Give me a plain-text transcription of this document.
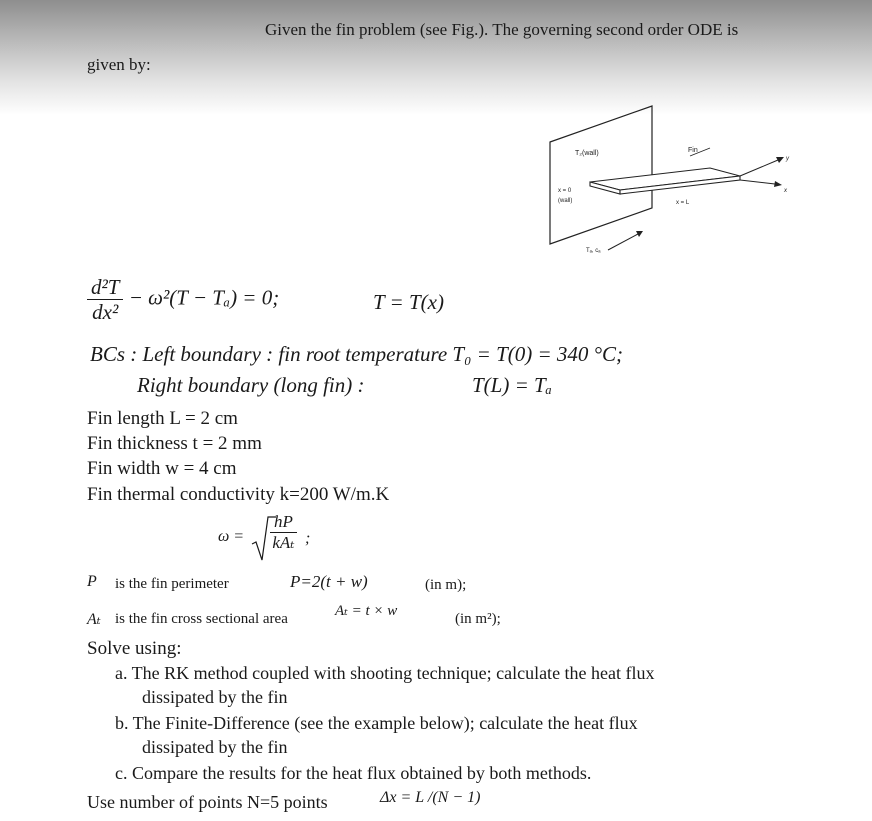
Given the fin problem (see Fig.). The governing second order ODE is
given by:
T₂(wall)	Fin
x = 0
(wall)	x = L
Tₐ, cₐ
y
x
$\frac{\text{d²T}}{\text{dx²}} - \omega^2(T - T_a) = 0$;	T = T(x)
BCs : Left boundary : fin root temperature T₀ = T(0) = 340 °C;
Right boundary (long fin) :	T(L) = Tₐ
Fin length L = 2 cm
Fin thickness t = 2 mm
Fin width w = 4 cm
Fin thermal conductivity k=200 W/m.K
$\omega = \frac{hP}{\text{kAₜ}}$ ;
P is the fin perimeter	P=2(t + w)	(in m);
Aₜ is the fin cross sectional area	Aₜ = t × w	(in m²);
Solve using:
a. The RK method coupled with shooting technique; calculate the heat flux
dissipated by the fin
b. The Finite-Difference (see the example below); calculate the heat flux
dissipated by the fin
c. Compare the results for the heat flux obtained by both methods.
Use number of points N=5 points	Δx = L /(N − 1)
